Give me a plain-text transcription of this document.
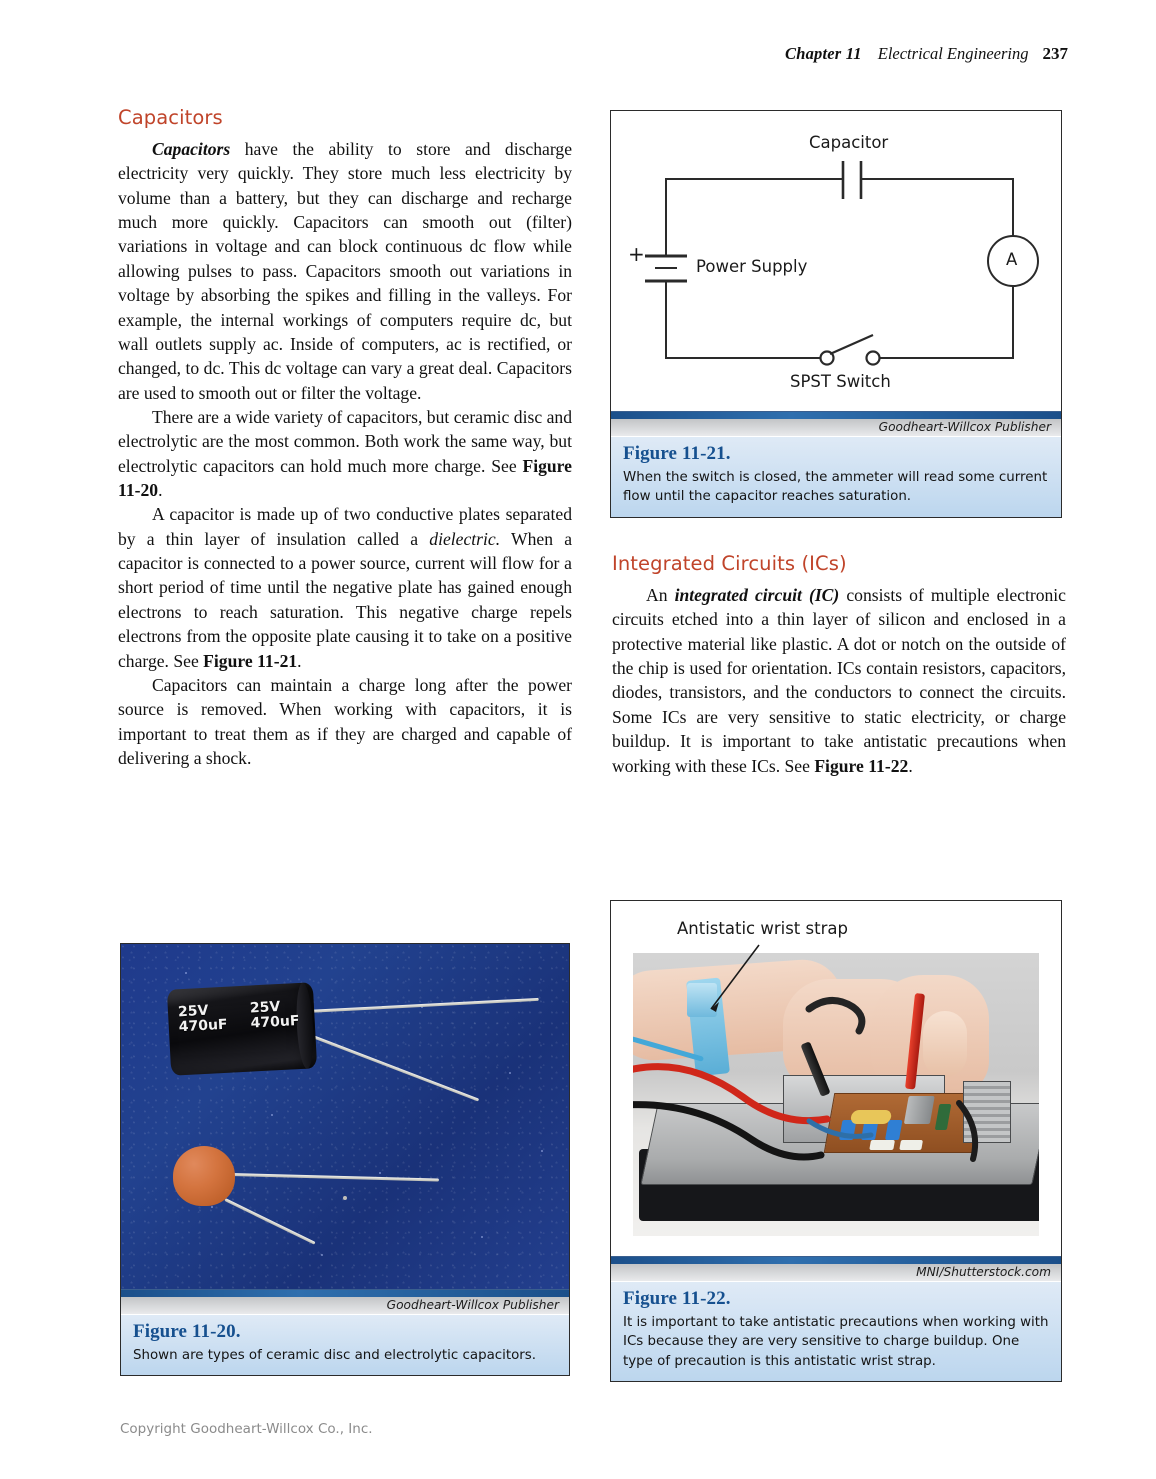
Chapter 11 Electrical Engineering 237
Capacitors

Capacitors have the ability to store and discharge electricity very quickly. They store much less electricity by volume than a battery, but they can discharge and recharge much more quickly. Capacitors can smooth out (filter) variations in voltage and can block continuous dc flow while allowing pulses to pass. Capacitors smooth out variations in voltage by absorbing the spikes and filling in the valleys. For example, the internal workings of computers require dc, but wall outlets supply ac. Inside of computers, ac is rectified, or changed, to dc. This dc voltage can vary a great deal. Capacitors are used to smooth out or filter the voltage.

There are a wide variety of capacitors, but ceramic disc and electrolytic are the most common. Both work the same way, but electrolytic capacitors can hold much more charge. See Figure 11-20.

A capacitor is made up of two conductive plates separated by a thin layer of insulation called a dielectric. When a capacitor is connected to a power source, current will flow for a short period of time until the negative plate has gained enough electrons to reach saturation. This negative charge repels electrons from the opposite plate causing it to take on a positive charge. See Figure 11-21.

Capacitors can maintain a charge long after the power source is removed. When working with capacitors, it is important to treat them as if they are charged and capable of delivering a shock.

Integrated Circuits (ICs)

An integrated circuit (IC) consists of multiple electronic circuits etched into a thin layer of silicon and enclosed in a protective material like plastic. A dot or notch on the outside of the chip is used for orientation. ICs contain resistors, capacitors, diodes, transistors, and the conductors to connect the circuits. Some ICs are very sensitive to static electricity, or charge buildup. It is important to take antistatic precautions when working with these ICs. See Figure 11-22.

Capacitor
+
Power Supply	A
SPST Switch
Goodheart-Willcox Publisher
Figure 11-21.
When the switch is closed, the ammeter will read some current flow until the capacitor reaches saturation.
25V
470uF
25V
470uF
Goodheart-Willcox Publisher
Figure 11-20.
Shown are types of ceramic disc and electrolytic capacitors.
Antistatic wrist strap
MNI/Shutterstock.com
Figure 11-22.
It is important to take antistatic precautions when working with ICs because they are very sensitive to charge buildup. One type of precaution is this antistatic wrist strap.
Copyright Goodheart-Willcox Co., Inc.
